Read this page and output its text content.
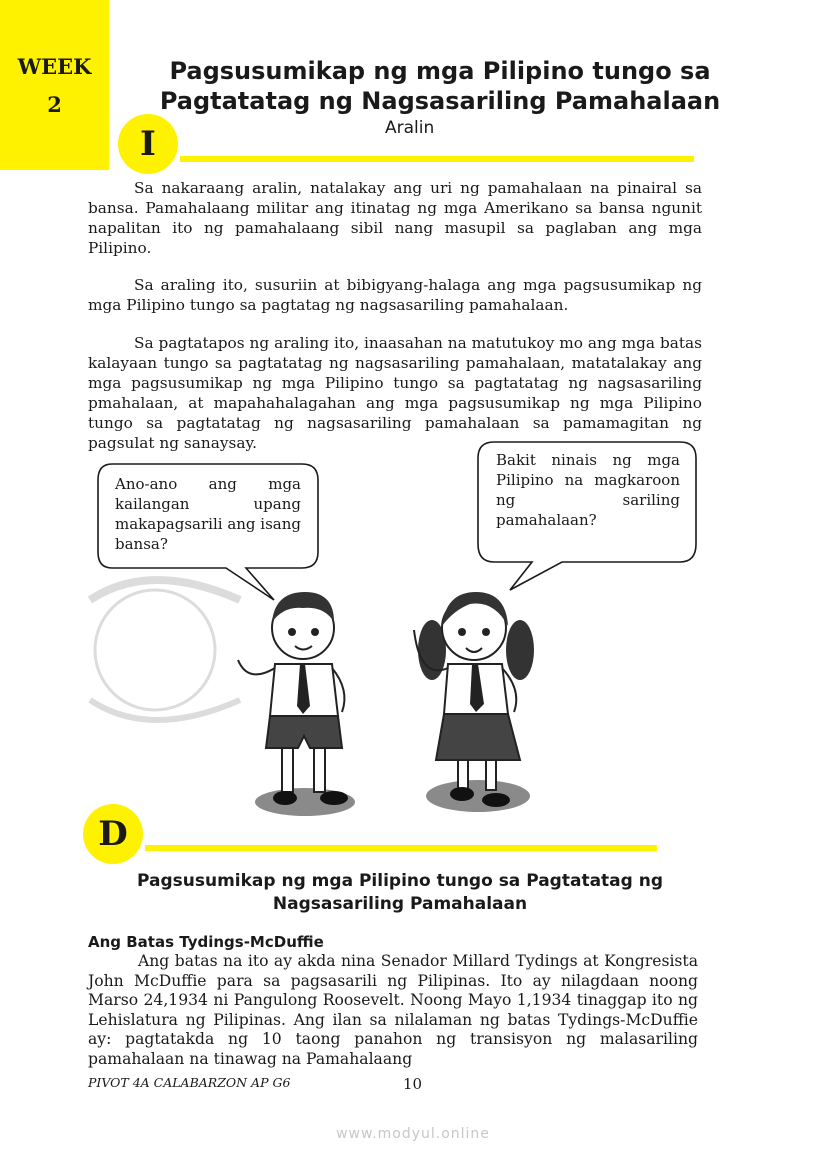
WEEK
2
Pagsusumikap ng mga Pilipino tungo sa
Pagtatatag ng Nagsasariling Pamahalaan
Aralin
I
Sa nakaraang aralin, natalakay ang uri ng pamahalaan na pinairal sa bansa. Pamahalaang militar ang itinatag ng mga Amerikano sa bansa ngunit napalitan ito ng pamahalaang sibil nang masupil sa paglaban ang mga Pilipino.
Sa araling ito, susuriin at bibigyang-halaga ang mga pagsusumikap ng mga Pilipino tungo sa pagtatag ng nagsasariling pamahalaan.
Sa pagtatapos ng araling ito, inaasahan na matutukoy mo ang mga batas kalayaan tungo sa pagtatatag ng nagsasariling pamahalaan, matatalakay ang mga pagsusumikap ng mga Pilipino tungo sa pagtatatag ng nagsasariling pmahalaan, at mapahahalagahan ang mga pagsusumikap ng mga Pilipino tungo sa pagtatatag ng nagsasariling pamahalaan sa pamamagitan ng pagsulat ng sanaysay.
Ano-ano ang mga kailangan upang makapagsarili ang isang bansa?
Bakit ninais ng mga Pilipino na magkaroon ng sariling pamahalaan?
D
Pagsusumikap ng mga Pilipino tungo sa Pagtatatag ng
Nagsasariling Pamahalaan
Ang Batas Tydings-McDuffie
Ang batas na ito ay akda nina Senador Millard Tydings at Kongresista John McDuffie para sa pagsasarili ng Pilipinas. Ito ay nilagdaan noong Marso 24,1934 ni Pangulong Roosevelt. Noong Mayo 1,1934 tinaggap ito ng Lehislatura ng Pilipinas. Ang ilan sa nilalaman ng batas Tydings-McDuffie ay: pagtatakda ng 10 taong panahon ng transisyon ng malasariling pamahalaan na tinawag na Pamahalaang
PIVOT 4A CALABARZON AP G6	10
www.modyul.online
